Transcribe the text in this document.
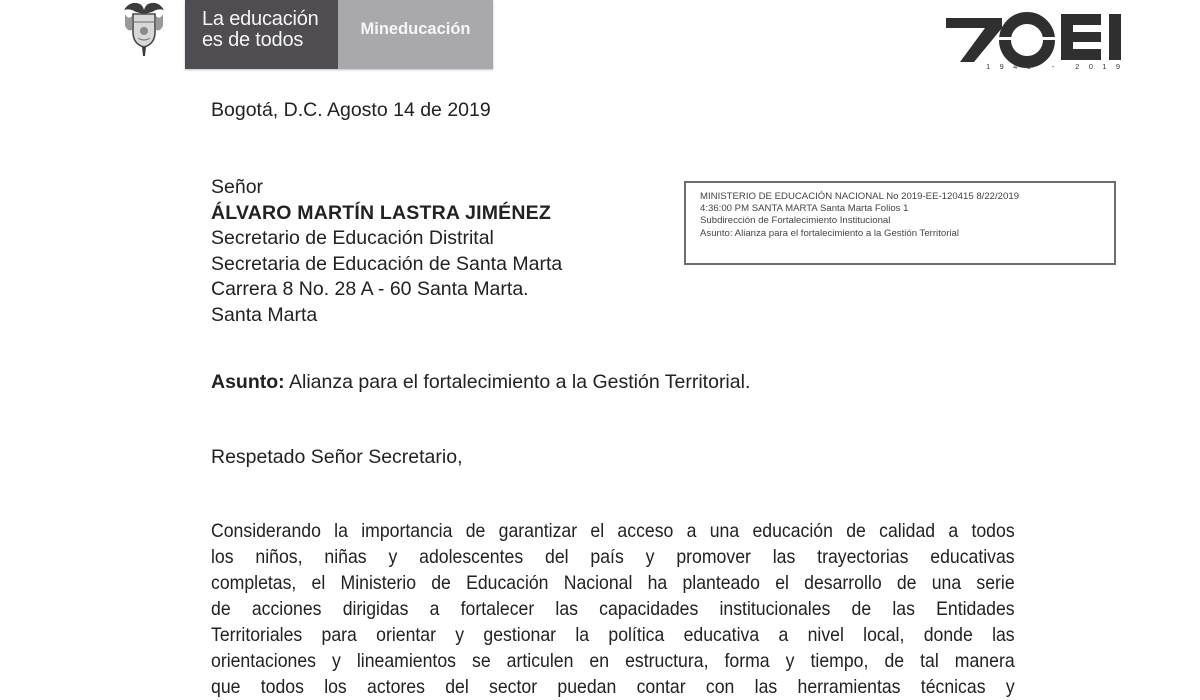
La educación
es de todos	Mineducación
1949 - 2019
Bogotá, D.C. Agosto 14 de 2019
Señor
ÁLVARO MARTÍN LASTRA JIMÉNEZ
Secretario de Educación Distrital
Secretaria de Educación de Santa Marta
Carrera 8 No. 28 A - 60 Santa Marta.
Santa Marta
MINISTERIO DE EDUCACIÓN NACIONAL No 2019-EE-120415 8/22/2019
4:36:00 PM SANTA MARTA Santa Marta Folios 1
Subdirección de Fortalecimiento Institucional
Asunto: Alianza para el fortalecimiento a la Gestión Territorial
Asunto: Alianza para el fortalecimiento a la Gestión Territorial.
Respetado Señor Secretario,
Considerando la importancia de garantizar el acceso a una educación de calidad a todos
los niños, niñas y adolescentes del país y promover las trayectorias educativas
completas, el Ministerio de Educación Nacional ha planteado el desarrollo de una serie
de acciones dirigidas a fortalecer las capacidades institucionales de las Entidades
Territoriales para orientar y gestionar la política educativa a nivel local, donde las
orientaciones y lineamientos se articulen en estructura, forma y tiempo, de tal manera
que todos los actores del sector puedan contar con las herramientas técnicas y
